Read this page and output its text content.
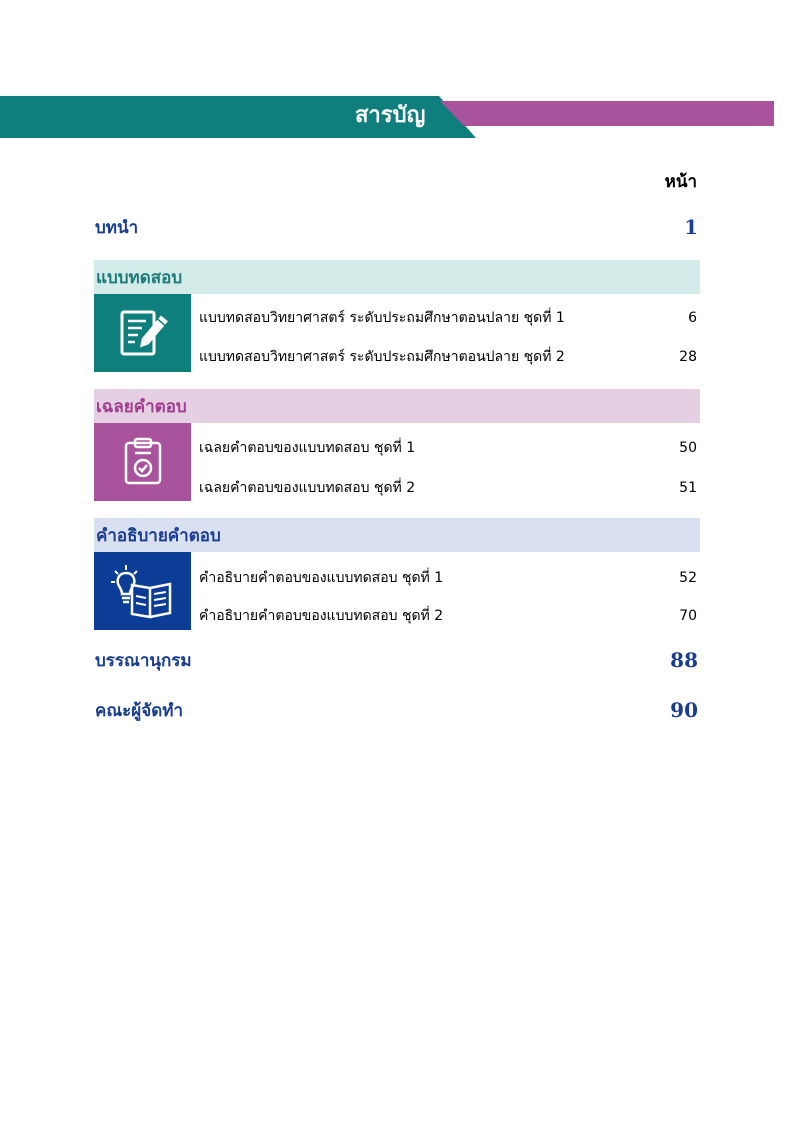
สารบัญ
หน้า
บทนำ	1
แบบทดสอบ
แบบทดสอบวิทยาศาสตร์ ระดับประถมศึกษาตอนปลาย ชุดที่ 1	6
แบบทดสอบวิทยาศาสตร์ ระดับประถมศึกษาตอนปลาย ชุดที่ 2	28
เฉลยคำตอบ
เฉลยคำตอบของแบบทดสอบ ชุดที่ 1	50
เฉลยคำตอบของแบบทดสอบ ชุดที่ 2	51
คำอธิบายคำตอบ
คำอธิบายคำตอบของแบบทดสอบ ชุดที่ 1	52
คำอธิบายคำตอบของแบบทดสอบ ชุดที่ 2	70
บรรณานุกรม	88
คณะผู้จัดทำ	90
